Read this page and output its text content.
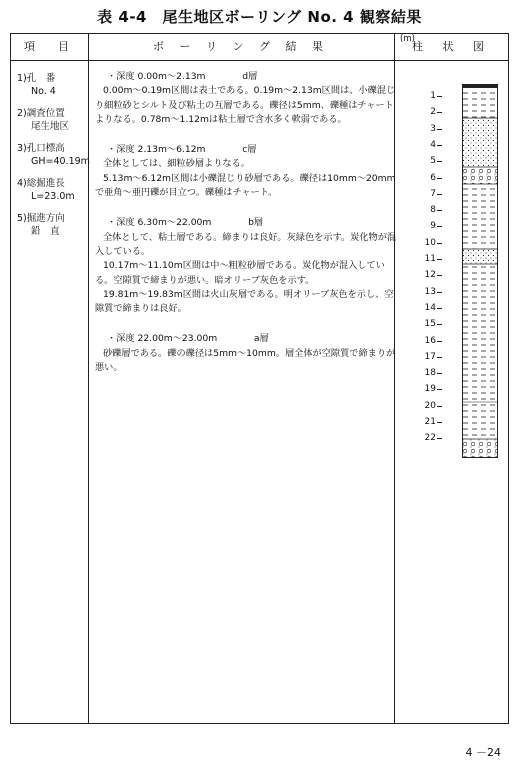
表 4-4　尾生地区ボーリング No. 4 観察結果
項　目	ボ ー リ ン グ 結 果	柱 状 図
1)孔　番
No. 4
2)調査位置
尾生地区
3)孔口標高
GH=40.19m
4)総掘進長
L=23.0m
5)掘進方向
鉛　直
・深度 0.00m～2.13m　　　　d層

0.00m～0.19m区間は表土である。0.19m～2.13m区間は、小礫混じり細粒砂とシルト及び粘土の互層である。礫径は5mm、礫種はチャートよりなる。0.78m～1.12mは粘土層で含水多く軟弱である。

・深度 2.13m～6.12m　　　　c層

全体としては、細粒砂層よりなる。

5.13m～6.12m区間は小礫混じり砂層である。礫径は10mm～20mmで亜角～亜円礫が目立つ。礫種はチャート。

・深度 6.30m～22.00m　　　　b層

全体として、粘土層である。締まりは良好。灰緑色を示す。炭化物が混入している。

10.17m～11.10m区間は中～粗粒砂層である。炭化物が混入している。空隙質で締まりが悪い。暗オリーブ灰色を示す。

19.81m～19.83m区間は火山灰層である。明オリーブ灰色を示し、空隙質で締まりは良好。

・深度 22.00m～23.00m　　　　a層

砂礫層である。礫の礫径は5mm～10mm。層全体が空隙質で締まりが悪い。

(m)
1
2
3
4
5
6
7
8
9
10
11
12
13
14
15
16
17
18
19
20
21
22
4 －24
